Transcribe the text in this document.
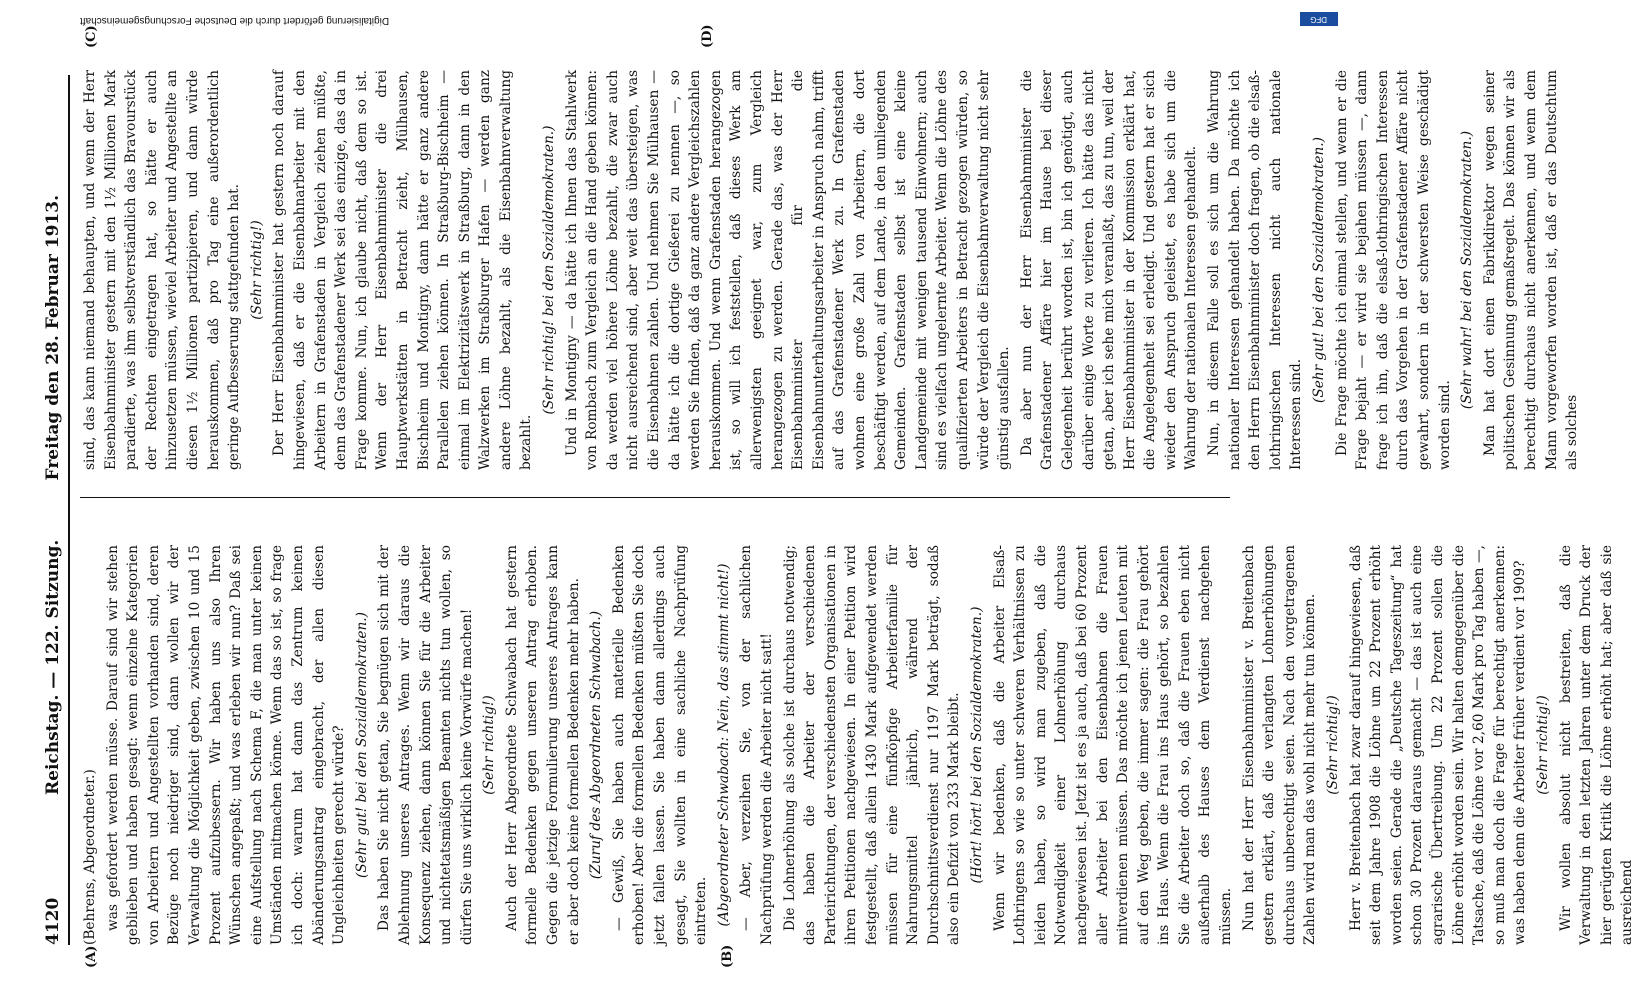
4120
Reichstag. — 122. Sitzung.
Freitag den 28. Februar 1913.
(A)	(B)
(C)	(D)

(Behrens, Abgeordneter.) was gefordert werden müsse. Darauf sind wir stehen geblieben und haben gesagt: wenn einzelne Kategorien von Arbeitern und Angestellten vorhanden sind, deren Bezüge noch niedriger sind, dann wollen wir der Verwaltung die Möglichkeit geben, zwischen 10 und 15 Prozent aufzubessern. Wir haben uns also Ihren Wünschen angepaßt; und was erleben wir nun? Daß sei eine Aufstellung nach Schema F, die man unter keinen Umständen mitmachen könne. Wenn das so ist, so frage ich doch: warum hat dann das Zentrum keinen Abänderungsantrag eingebracht, der allen diesen Ungleichheiten gerecht würde? (Sehr gut! bei den Sozialdemokraten.) Das haben Sie nicht getan, Sie begnügen sich mit der Ablehnung unseres Antrages. Wenn wir daraus die Konsequenz ziehen, dann können Sie für die Arbeiter und nichtetatsmäßigen Beamten nichts tun wollen, so dürfen Sie uns wirklich keine Vorwürfe machen! (Sehr richtig!) Auch der Herr Abgeordnete Schwabach hat gestern formelle Bedenken gegen unseren Antrag erhoben. Gegen die jetzige Formulierung unseres Antrages kann er aber doch keine formellen Bedenken mehr haben. (Zuruf des Abgeordneten Schwabach.) — Gewiß, Sie haben auch materielle Bedenken erhoben! Aber die formellen Bedenken müßten Sie doch jetzt fallen lassen. Sie haben dann allerdings auch gesagt, Sie wollten in eine sachliche Nachprüfung eintreten. (Abgeordneter Schwabach: Nein, das stimmt nicht!) — Aber, verzeihen Sie, von der sachlichen Nachprüfung werden die Arbeiter nicht satt! Die Lohnerhöhung als solche ist durchaus notwendig; das haben die Arbeiter der verschiedenen Parteirichtungen, der verschiedensten Organisationen in ihren Petitionen nachgewiesen. In einer Petition wird festgestellt, daß allein 1430 Mark aufgewendet werden müssen für eine fünfköpfige Arbeiterfamilie für Nahrungsmittel jährlich, während der Durchschnittsverdienst nur 1197 Mark beträgt, sodaß also ein Defizit von 233 Mark bleibt. (Hört! hört! bei den Sozialdemokraten.) Wenn wir bedenken, daß die Arbeiter Elsaß-Lothringens so wie so unter schweren Verhältnissen zu leiden haben, so wird man zugeben, daß die Notwendigkeit einer Lohnerhöhung durchaus nachgewiesen ist. Jetzt ist es ja auch, daß bei 60 Prozent aller Arbeiter bei den Eisenbahnen die Frauen mitverdienen müssen. Das möchte ich jenen Leuten mit auf den Weg geben, die immer sagen: die Frau gehört ins Haus. Wenn die Frau ins Haus gehört, so bezahlen Sie die Arbeiter doch so, daß die Frauen eben nicht außerhalb des Hauses dem Verdienst nachgehen müssen. Nun hat der Herr Eisenbahnminister v. Breitenbach gestern erklärt, daß die verlangten Lohnerhöhungen durchaus unberechtigt seien. Nach den vorgetragenen Zahlen wird man das wohl nicht mehr tun können. (Sehr richtig!) Herr v. Breitenbach hat zwar darauf hingewiesen, daß seit dem Jahre 1908 die Löhne um 22 Prozent erhöht worden seien. Gerade die „Deutsche Tageszeitung“ hat schon 30 Prozent daraus gemacht — das ist auch eine agrarische Übertreibung. Um 22 Prozent sollen die Löhne erhöht worden sein. Wir halten demgegenüber die Tatsache, daß die Löhne vor 2,60 Mark pro Tag haben —, so muß man doch die Frage für berechtigt anerkennen: was haben denn die Arbeiter früher verdient vor 1909? (Sehr richtig!) Wir wollen absolut nicht bestreiten, daß die Verwaltung in den letzten Jahren unter dem Druck der hier gerügten Kritik die Löhne erhöht hat; aber daß sie ausreichend

sind, das kann niemand behaupten, und wenn der Herr Eisenbahnminister gestern mit den 1½ Millionen Mark paradierte, was ihm selbstverständlich das Bravourstück der Rechten eingetragen hat, so hätte er auch hinzusetzen müssen, wieviel Arbeiter und Angestellte an diesen 1½ Millionen partizipieren, und dann würde herauskommen, daß pro Tag eine außerordentlich geringe Aufbesserung stattgefunden hat. (Sehr richtig!) Der Herr Eisenbahnminister hat gestern noch darauf hingewiesen, daß er die Eisenbahnarbeiter mit den Arbeitern in Grafenstaden in Vergleich ziehen müßte, denn das Grafenstadener Werk sei das einzige, das da in Frage komme. Nun, ich glaube nicht, daß dem so ist. Wenn der Herr Eisenbahnminister die drei Hauptwerkstätten in Betracht zieht, Mülhausen, Bischheim und Montigny, dann hätte er ganz andere Parallelen ziehen können. In Straßburg-Bischheim — einmal im Elektrizitätswerk in Straßburg, dann in den Walzwerken im Straßburger Hafen — werden ganz andere Löhne bezahlt, als die Eisenbahnverwaltung bezahlt.

(Sehr richtig! bei den Sozialdemokraten.) Und in Montigny — da hätte ich Ihnen das Stahlwerk von Rombach zum Vergleich an die Hand geben können: da werden viel höhere Löhne bezahlt, die zwar auch nicht ausreichend sind, aber weit das übersteigen, was die Eisenbahnen zahlen. Und nehmen Sie Mülhausen — da hätte ich die dortige Gießerei zu nennen —, so werden Sie finden, daß da ganz andere Vergleichszahlen herauskommen. Und wenn Grafenstaden herangezogen ist, so will ich feststellen, daß dieses Werk am allerwenigsten geeignet war, zum Vergleich herangezogen zu werden. Gerade das, was der Herr Eisenbahnminister für die Eisenbahnunterhaltungsarbeiter in Anspruch nahm, trifft auf das Grafenstadener Werk zu. In Grafenstaden wohnen eine große Zahl von Arbeitern, die dort beschäftigt werden, auf dem Lande, in den umliegenden Gemeinden. Grafenstaden selbst ist eine kleine Landgemeinde mit wenigen tausend Einwohnern; auch sind es vielfach ungelernte Arbeiter. Wenn die Löhne des qualifizierten Arbeiters in Betracht gezogen würden, so würde der Vergleich die Eisenbahnverwaltung nicht sehr günstig ausfallen. Da aber nun der Herr Eisenbahnminister die Grafenstadener Affäre hier im Hause bei dieser Gelegenheit berührt worden ist, bin ich genötigt, auch darüber einige Worte zu verlieren. Ich hätte das nicht getan, aber ich sehe mich veranlaßt, das zu tun, weil der Herr Eisenbahnminister in der Kommission erklärt hat, die Angelegenheit sei erledigt. Und gestern hat er sich wieder den Anspruch geleistet, es habe sich um die Wahrung der nationalen Interessen gehandelt. Nun, in diesem Falle soll es sich um die Wahrung nationaler Interessen gehandelt haben. Da möchte ich den Herrn Eisenbahnminister doch fragen, ob die elsaß-lothringischen Interessen nicht auch nationale Interessen sind.

(Sehr gut! bei den Sozialdemokraten.) Die Frage möchte ich einmal stellen, und wenn er die Frage bejaht — er wird sie bejahen müssen —, dann frage ich ihn, daß die elsaß-lothringischen Interessen durch das Vorgehen in der Grafenstadener Affäre nicht gewahrt, sondern in der schwersten Weise geschädigt worden sind.

(Sehr wahr! bei den Sozialdemokraten.) Man hat dort einen Fabrikdirektor wegen seiner politischen Gesinnung gemaßregelt. Das können wir als berechtigt durchaus nicht anerkennen, und wenn dem Mann vorgeworfen worden ist, daß er das Deutschtum als solches

Digitalisierung gefördert durch die Deutsche Forschungsgemeinschaft	DFG
